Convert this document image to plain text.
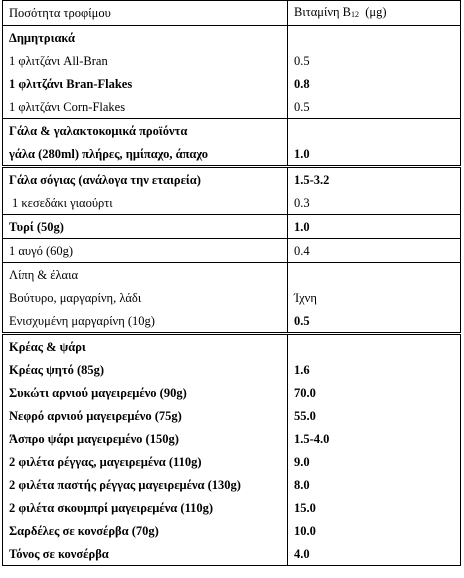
Ποσότητα τροφίμου	Βιταμίνη $B_{12}$  (μg)
Δημητριακά	
1 φλιτζάνι All-Bran	0.5
1 φλιτζάνι Bran-Flakes	0.8
1 φλιτζάνι Corn-Flakes	0.5
Γάλα & γαλακτοκομικά προϊόντα	
γάλα (280ml) πλήρες, ημίπαχο, άπαχο	1.0
Γάλα σόγιας (ανάλογα την εταιρεία)	1.5-3.2
1 κεσεδάκι γιαούρτι	0.3
Τυρί (50g)	1.0
1 αυγό (60g)	0.4
Λίπη & έλαια	
Βούτυρο, μαργαρίνη, λάδι	Ίχνη
Ενισχυμένη μαργαρίνη (10g)	0.5
Κρέας & ψάρι	
Κρέας ψητό (85g)	1.6
Συκώτι αρνιού μαγειρεμένο (90g)	70.0
Νεφρό αρνιού μαγειρεμένο (75g)	55.0
Άσπρο ψάρι μαγειρεμένο (150g)	1.5-4.0
2 φιλέτα ρέγγας, μαγειρεμένα (110g)	9.0
2 φιλέτα παστής ρέγγας μαγειρεμένα (130g)	8.0
2 φιλέτα σκουμπρί μαγειρεμένα (110g)	15.0
Σαρδέλες σε κονσέρβα (70g)	10.0
Τόνος σε κονσέρβα	4.0
